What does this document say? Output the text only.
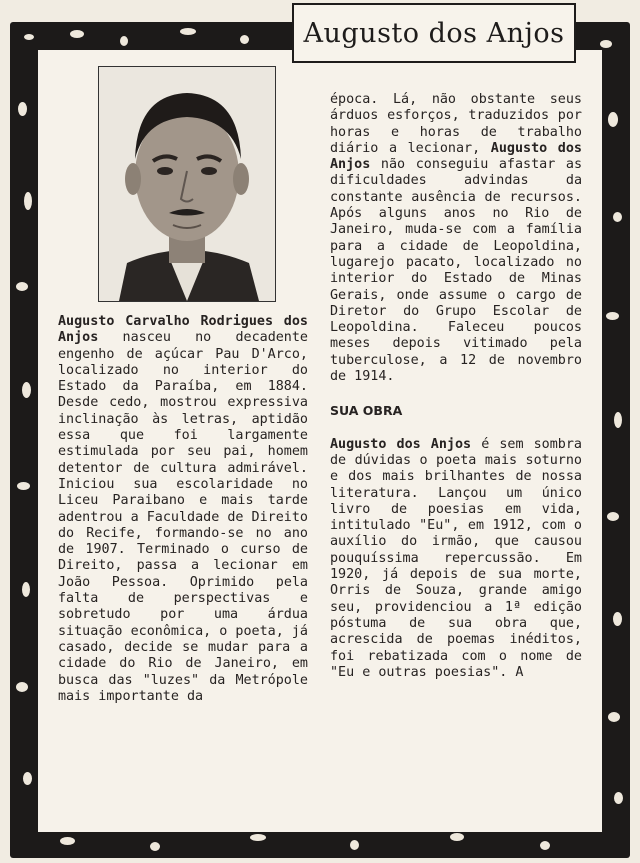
Augusto dos Anjos

Augusto Carvalho Rodrigues dos Anjos nasceu no decadente engenho de açúcar Pau D'Arco, localizado no interior do Estado da Paraíba, em 1884. Desde cedo, mostrou expressiva inclinação às letras, aptidão essa que foi largamente estimulada por seu pai, homem detentor de cultura admirável. Iniciou sua escolaridade no Liceu Paraibano e mais tarde adentrou a Faculdade de Direito do Recife, formando-se no ano de 1907. Terminado o curso de Direito, passa a lecionar em João Pessoa. Oprimido pela falta de perspectivas e sobretudo por uma árdua situação econômica, o poeta, já casado, decide se mudar para a cidade do Rio de Janeiro, em busca das "luzes" da Metrópole mais importante da

época. Lá, não obstante seus árduos esforços, traduzidos por horas e horas de trabalho diário a lecionar, Augusto dos Anjos não conseguiu afastar as dificuldades advindas da constante ausência de recursos. Após alguns anos no Rio de Janeiro, muda-se com a família para a cidade de Leopoldina, lugarejo pacato, localizado no interior do Estado de Minas Gerais, onde assume o cargo de Diretor do Grupo Escolar de Leopoldina. Faleceu poucos meses depois vitimado pela tuberculose, a 12 de novembro de 1914.

SUA OBRA

Augusto dos Anjos é sem sombra de dúvidas o poeta mais soturno e dos mais brilhantes de nossa literatura. Lançou um único livro de poesias em vida, intitulado "Eu", em 1912, com o auxílio do irmão, que causou pouquíssima repercussão. Em 1920, já depois de sua morte, Orris de Souza, grande amigo seu, providenciou a 1ª edição póstuma de sua obra que, acrescida de poemas inéditos, foi rebatizada com o nome de "Eu e outras poesias". A
